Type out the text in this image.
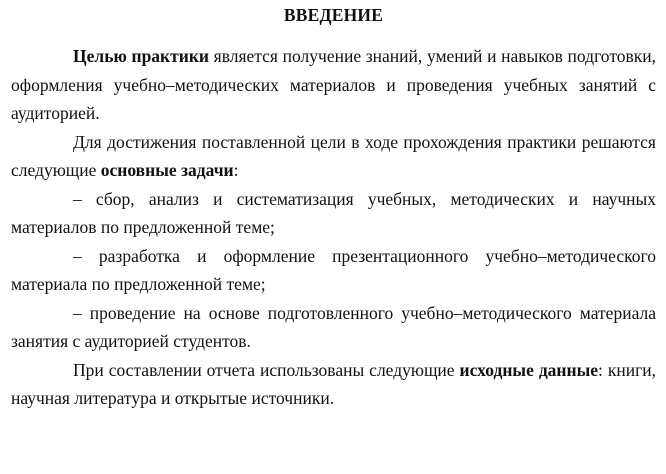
ВВЕДЕНИЕ

Целью практики является получение знаний, умений и навыков подготовки, оформления учебно–методических материалов и проведения учебных занятий с аудиторией.

Для достижения поставленной цели в ходе прохождения практики решаются следующие основные задачи:

– сбор, анализ и систематизация учебных, методических и научных материалов по предложенной теме;

– разработка и оформление презентационного учебно–методического материала по предложенной теме;

– проведение на основе подготовленного учебно–методического материала занятия с аудиторией студентов.

При составлении отчета использованы следующие исходные данные: книги, научная литература и открытые источники.
